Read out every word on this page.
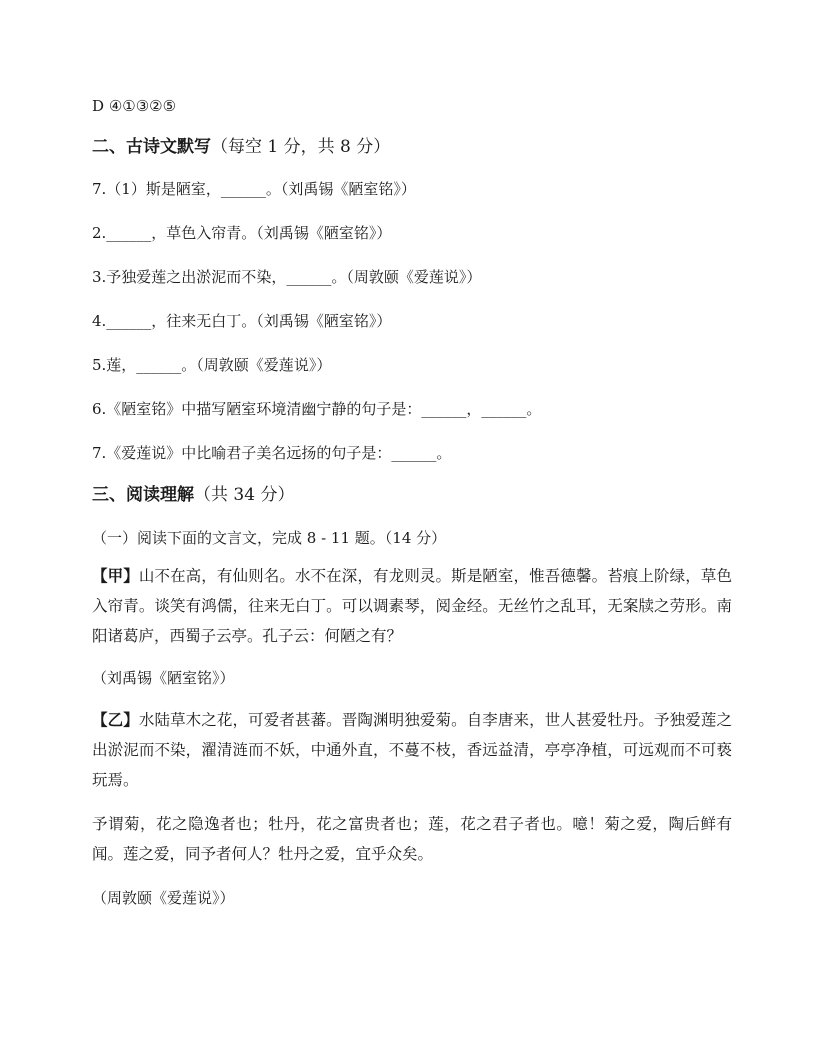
D ④①③②⑤

二、古诗文默写（每空 1 分，共 8 分）

7.（1）斯是陋室，______。（刘禹锡《陋室铭》）

2.______，草色入帘青。（刘禹锡《陋室铭》）

3.予独爱莲之出淤泥而不染，______。（周敦颐《爱莲说》）

4.______，往来无白丁。（刘禹锡《陋室铭》）

5.莲，______。（周敦颐《爱莲说》）

6.《陋室铭》中描写陋室环境清幽宁静的句子是：______，______。

7.《爱莲说》中比喻君子美名远扬的句子是：______。

三、阅读理解（共 34 分）

（一）阅读下面的文言文，完成 8 - 11 题。（14 分）

【甲】山不在高，有仙则名。水不在深，有龙则灵。斯是陋室，惟吾德馨。苔痕上阶绿，草色入帘青。谈笑有鸿儒，往来无白丁。可以调素琴，阅金经。无丝竹之乱耳，无案牍之劳形。南阳诸葛庐，西蜀子云亭。孔子云：何陋之有？

（刘禹锡《陋室铭》）

【乙】水陆草木之花，可爱者甚蕃。晋陶渊明独爱菊。自李唐来，世人甚爱牡丹。予独爱莲之出淤泥而不染，濯清涟而不妖，中通外直，不蔓不枝，香远益清，亭亭净植，可远观而不可亵玩焉。

予谓菊，花之隐逸者也；牡丹，花之富贵者也；莲，花之君子者也。噫！菊之爱，陶后鲜有闻。莲之爱，同予者何人？牡丹之爱，宜乎众矣。

（周敦颐《爱莲说》）
